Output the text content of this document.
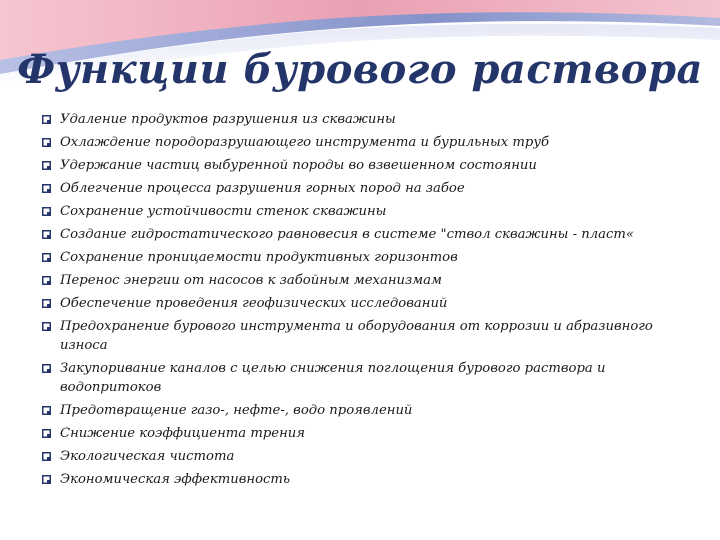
Функции бурового раствора
Удаление продуктов разрушения из скважины
Охлаждение породоразрушающего инструмента и бурильных труб
Удержание частиц выбуренной породы во взвешенном состоянии
Облегчение процесса разрушения горных пород на забое
Сохранение устойчивости стенок скважины
Создание гидростатического равновесия в системе "ствол скважины - пласт«
Сохранение проницаемости продуктивных горизонтов
Перенос энергии от насосов к забойным механизмам
Обеспечение проведения геофизических исследований
Предохранение бурового инструмента и оборудования от коррозии и абразивного износа
Закупоривание каналов с целью снижения поглощения бурового раствора и водопритоков
Предотвращение газо-, нефте-, водо проявлений
Снижение коэффициента трения
Экологическая чистота
Экономическая эффективность
